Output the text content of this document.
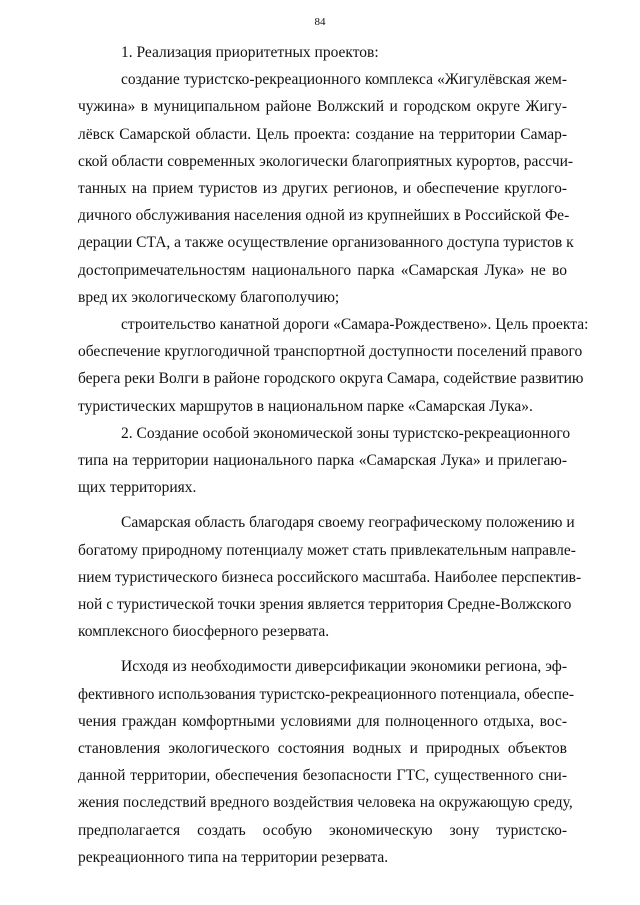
84
1. Реализация приоритетных проектов:
создание туристско-рекреационного комплекса «Жигулёвская жем-
чужина» в муниципальном районе Волжский и городском округе Жигу-
лёвск Самарской области. Цель проекта: создание на территории Самар-
ской области современных экологически благоприятных курортов, рассчи-
танных на прием туристов из других регионов, и обеспечение круглого-
дичного обслуживания населения одной из крупнейших в Российской Фе-
дерации СТА, а также осуществление организованного доступа туристов к
достопримечательностям национального парка «Самарская Лука» не во
вред их экологическому благополучию;
строительство канатной дороги «Самара-Рождествено». Цель проекта:
обеспечение круглогодичной транспортной доступности поселений правого
берега реки Волги в районе городского округа Самара, содействие развитию
туристических маршрутов в национальном парке «Самарская Лука».
2. Создание особой экономической зоны туристско-рекреационного
типа на территории национального парка «Самарская Лука» и прилегаю-
щих территориях.
Самарская область благодаря своему географическому положению и
богатому природному потенциалу может стать привлекательным направле-
нием туристического бизнеса российского масштаба. Наиболее перспектив-
ной с туристической точки зрения является территория Средне-Волжского
комплексного биосферного резервата.
Исходя из необходимости диверсификации экономики региона, эф-
фективного использования туристско-рекреационного потенциала, обеспе-
чения граждан комфортными условиями для полноценного отдыха, вос-
становления экологического состояния водных и природных объектов
данной территории, обеспечения безопасности ГТС, существенного сни-
жения последствий вредного воздействия человека на окружающую среду,
предполагается создать особую экономическую зону туристско-
рекреационного типа на территории резервата.
